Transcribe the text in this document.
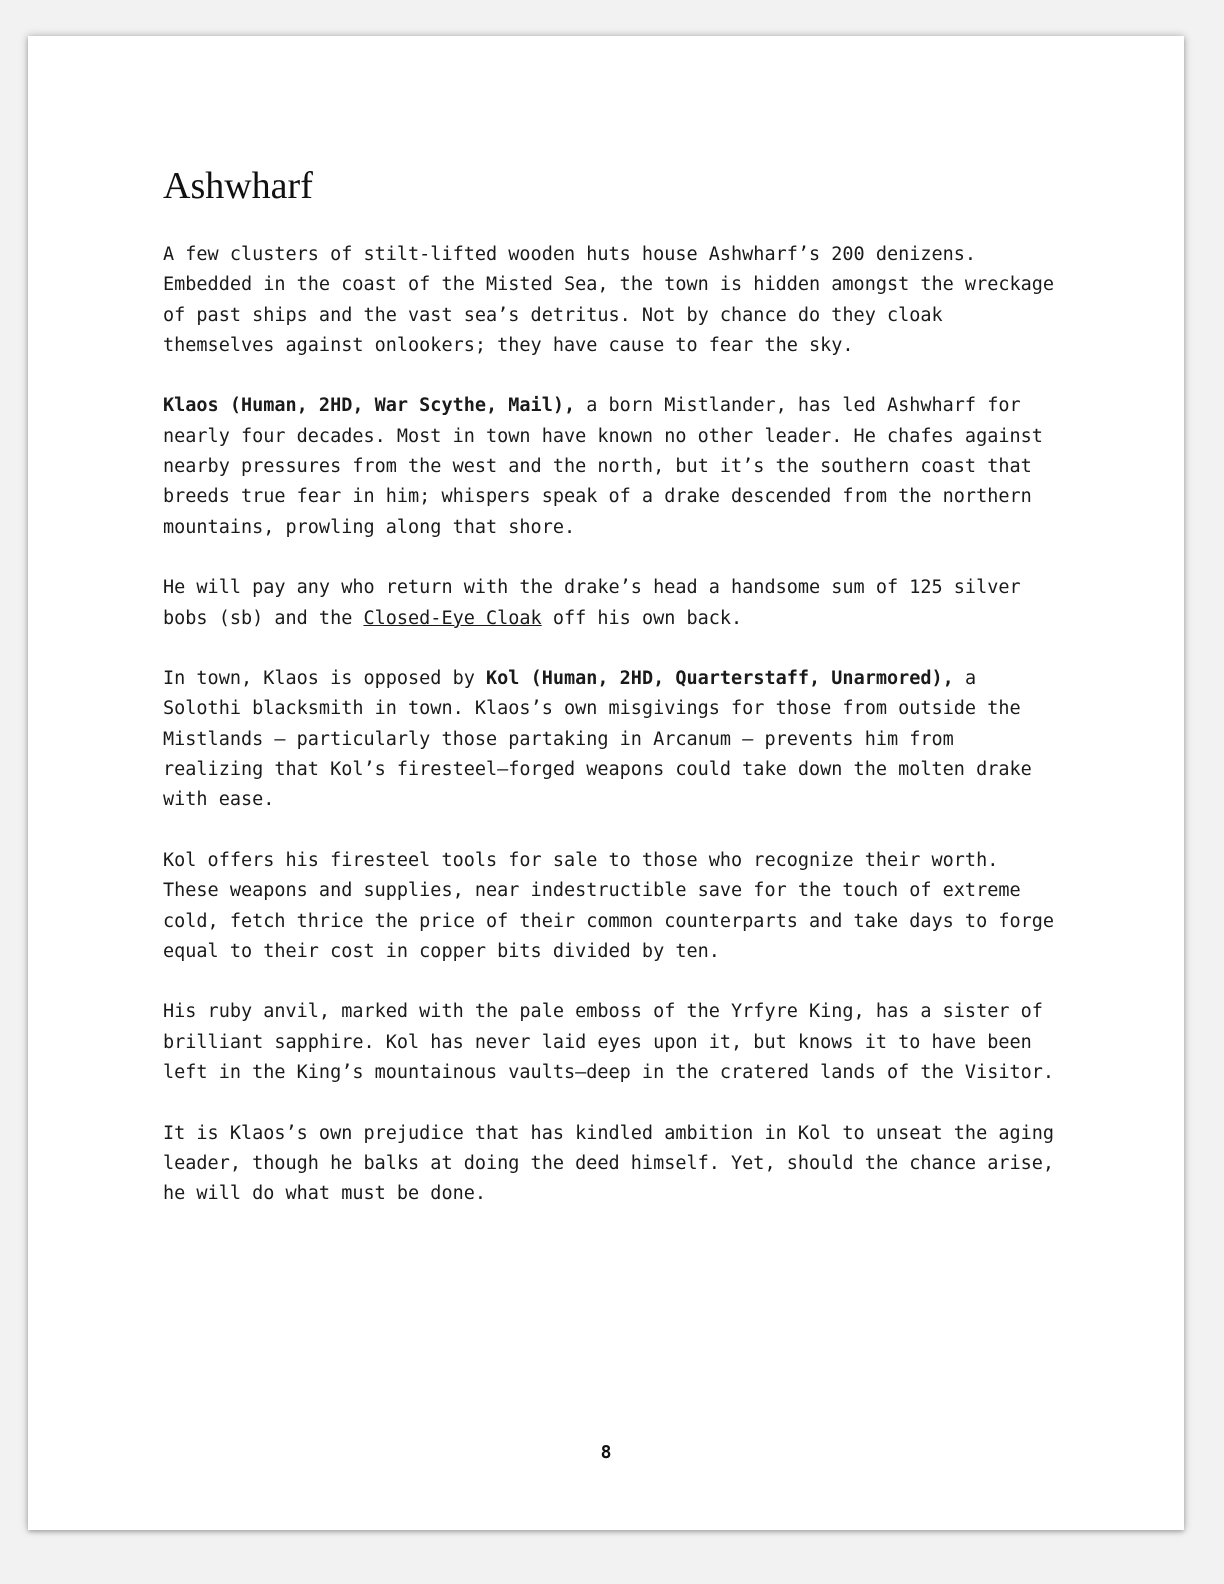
Ashwharf

A few clusters of stilt-lifted wooden huts house Ashwharf’s 200 denizens. Embedded in the coast of the Misted Sea, the town is hidden amongst the wreckage of past ships and the vast sea’s detritus. Not by chance do they cloak themselves against onlookers; they have cause to fear the sky.

Klaos (Human, 2HD, War Scythe, Mail), a born Mistlander, has led Ashwharf for nearly four decades. Most in town have known no other leader. He chafes against nearby pressures from the west and the north, but it’s the southern coast that breeds true fear in him; whispers speak of a drake descended from the northern mountains, prowling along that shore.

He will pay any who return with the drake’s head a handsome sum of 125 silver bobs (sb) and the Closed-Eye Cloak off his own back.

In town, Klaos is opposed by Kol (Human, 2HD, Quarterstaff, Unarmored), a Solothi blacksmith in town. Klaos’s own misgivings for those from outside the Mistlands – particularly those partaking in Arcanum – prevents him from realizing that Kol’s firesteel—forged weapons could take down the molten drake with ease.

Kol offers his firesteel tools for sale to those who recognize their worth. These weapons and supplies, near indestructible save for the touch of extreme cold, fetch thrice the price of their common counterparts and take days to forge equal to their cost in copper bits divided by ten.

His ruby anvil, marked with the pale emboss of the Yrfyre King, has a sister of brilliant sapphire. Kol has never laid eyes upon it, but knows it to have been left in the King’s mountainous vaults—deep in the cratered lands of the Visitor.

It is Klaos’s own prejudice that has kindled ambition in Kol to unseat the aging leader, though he balks at doing the deed himself. Yet, should the chance arise, he will do what must be done.

8
